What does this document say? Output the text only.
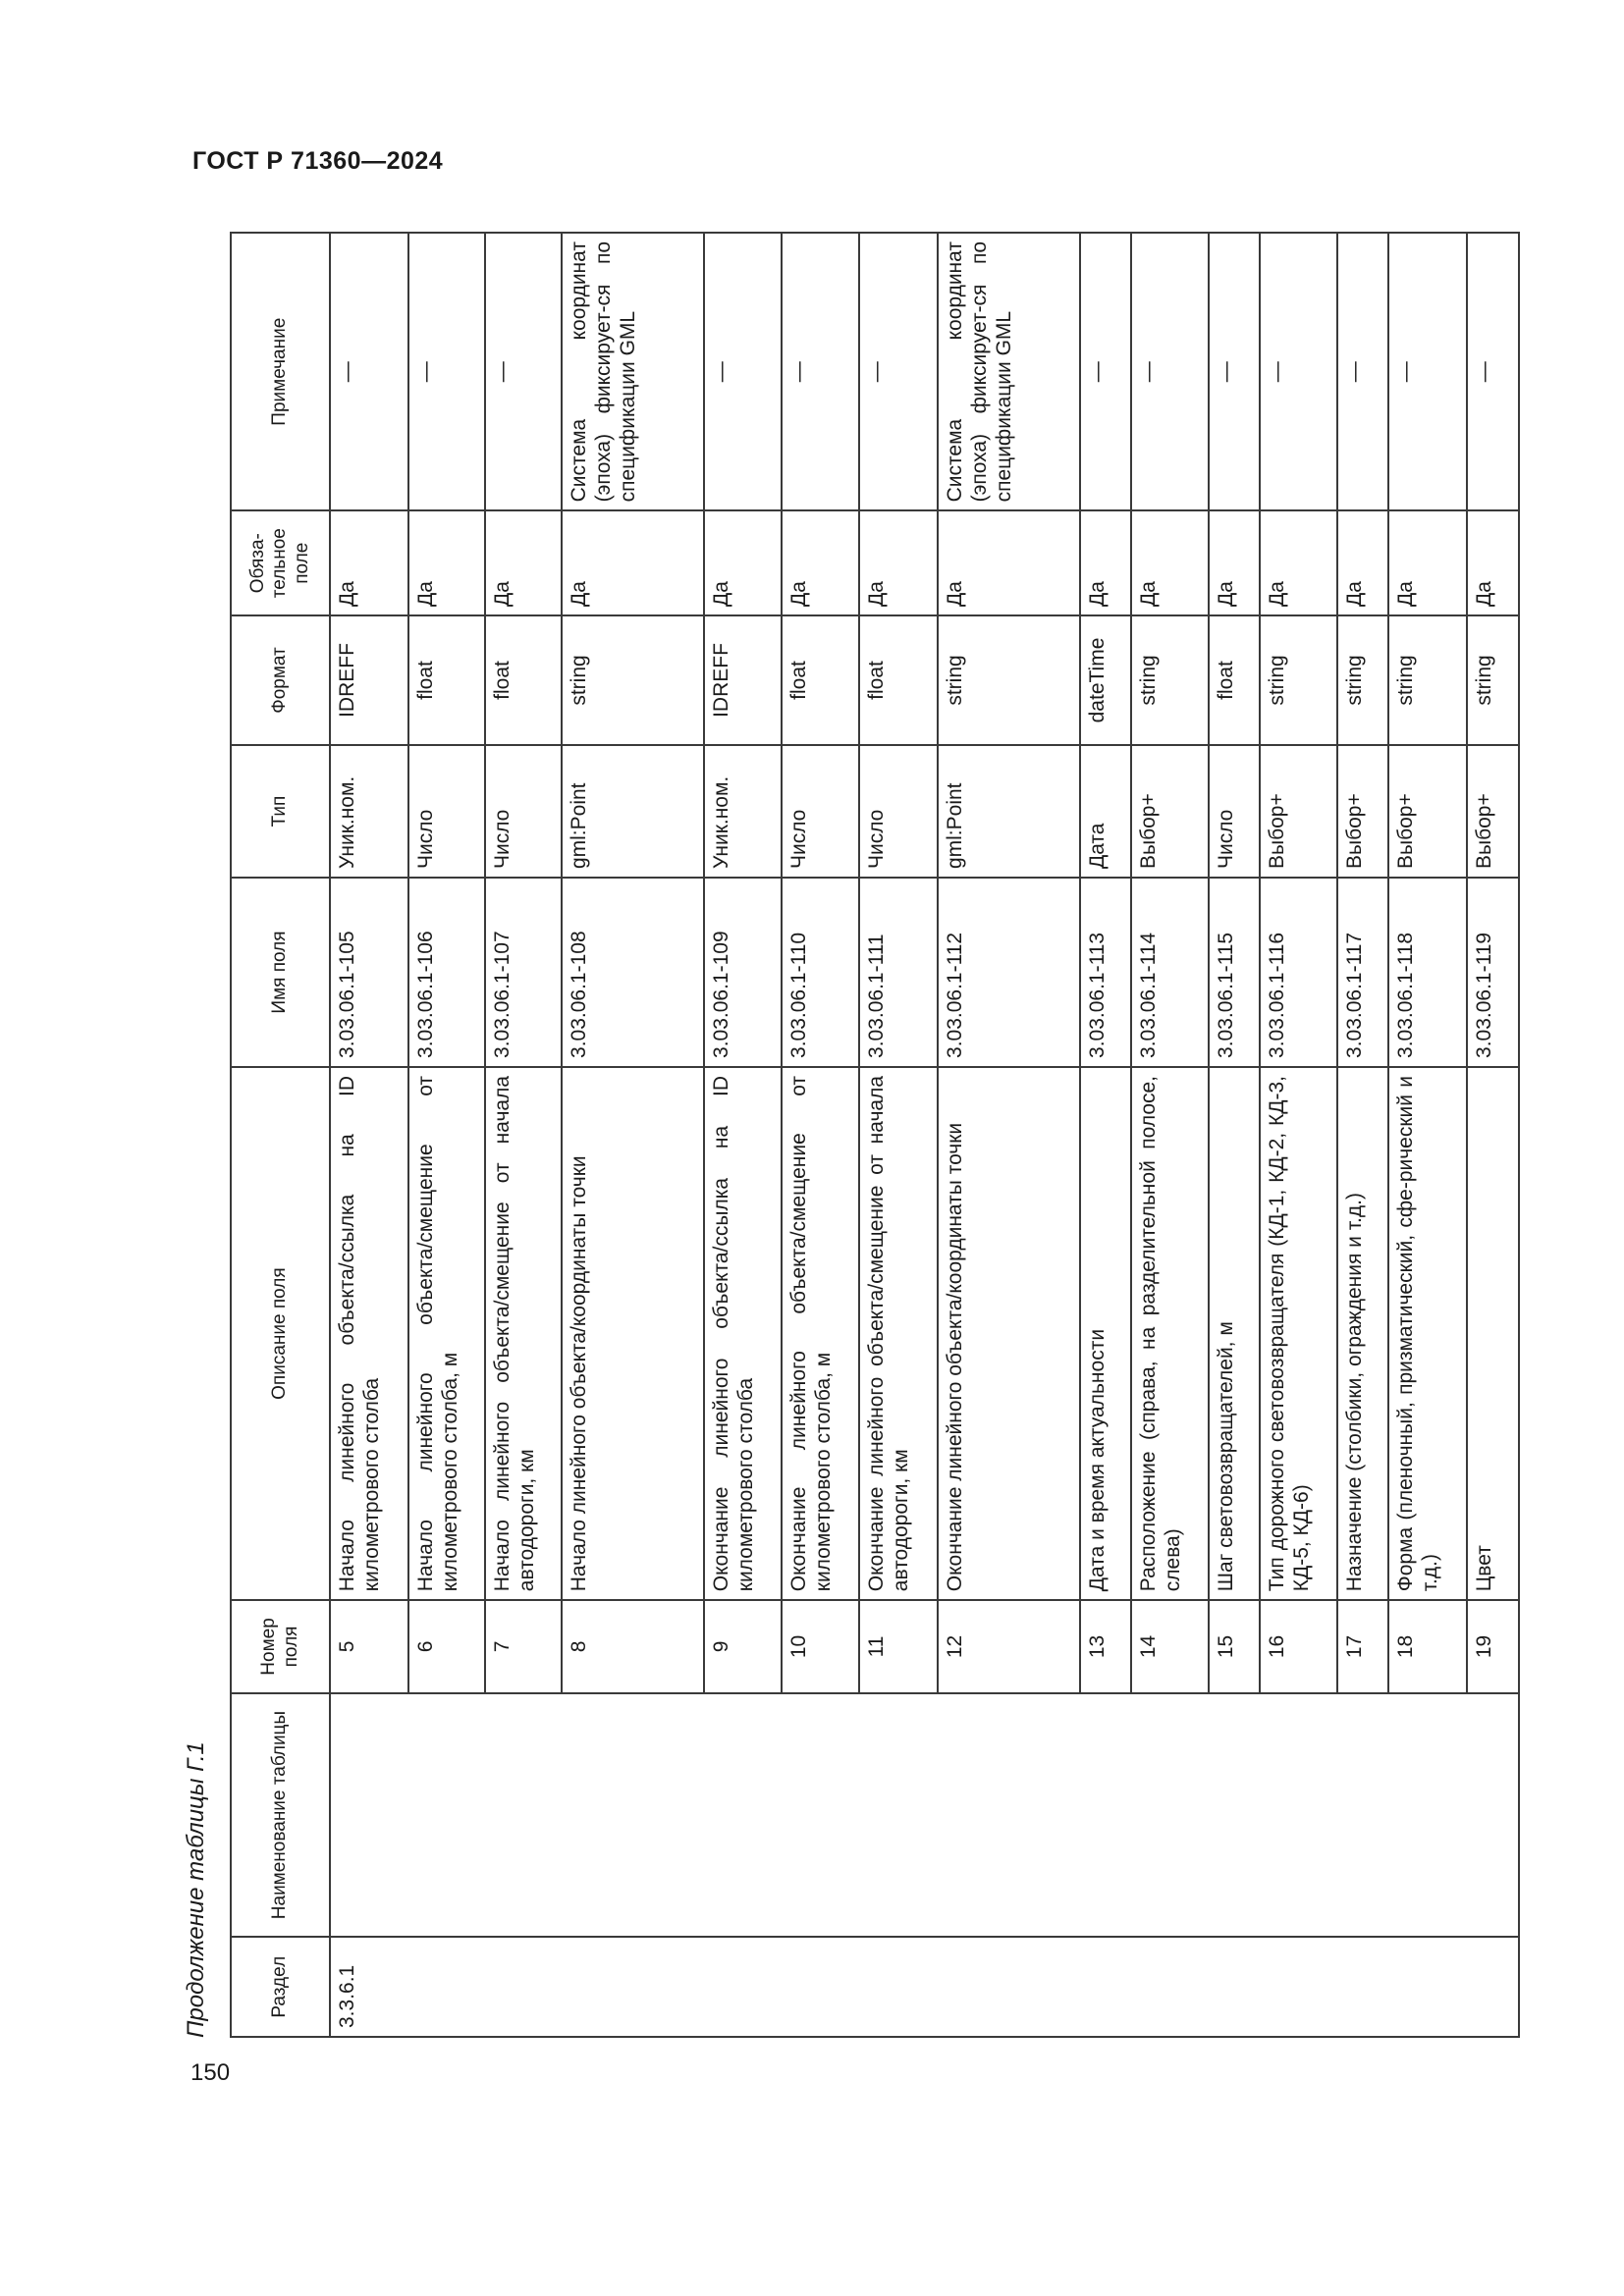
ГОСТ Р 71360—2024
150
Продолжение таблицы Г.1	Раздел	Наименование таблицы	Номер поля	Описание поля	Имя поля	Тип	Формат	Обяза-тельное поле	Примечание
3.3.6.1		5	Начало линейного объекта/ссылка на ID километрового столба	3.03.06.1-105	Уник.ном.	IDREFF	Да	—
		6	Начало линейного объекта/смещение от километрового столба, м	3.03.06.1-106	Число	float	Да	—
		7	Начало линейного объекта/смещение от начала автодороги, км	3.03.06.1-107	Число	float	Да	—
		8	Начало линейного объекта/координаты точки	3.03.06.1-108	gml:Point	string	Да	Система координат (эпоха) фиксирует-ся по спецификации GML
		9	Окончание линейного объекта/ссылка на ID километрового столба	3.03.06.1-109	Уник.ном.	IDREFF	Да	—
		10	Окончание линейного объекта/смещение от километрового столба, м	3.03.06.1-110	Число	float	Да	—
		11	Окончание линейного объекта/смещение от начала автодороги, км	3.03.06.1-111	Число	float	Да	—
		12	Окончание линейного объекта/координаты точки	3.03.06.1-112	gml:Point	string	Да	Система координат (эпоха) фиксирует-ся по спецификации GML
		13	Дата и время актуальности	3.03.06.1-113	Дата	dateTime	Да	—
		14	Расположение (справа, на разделительной полосе, слева)	3.03.06.1-114	Выбор+	string	Да	—
		15	Шаг световозвращателей, м	3.03.06.1-115	Число	float	Да	—
		16	Тип дорожного световозвращателя (КД-1, КД-2, КД-3, КД-5, КД-6)	3.03.06.1-116	Выбор+	string	Да	—
		17	Назначение (столбики, ограждения и т.д.)	3.03.06.1-117	Выбор+	string	Да	—
		18	Форма (пленочный, призматический, сфе-рический и т.д.)	3.03.06.1-118	Выбор+	string	Да	—
		19	Цвет	3.03.06.1-119	Выбор+	string	Да	—
